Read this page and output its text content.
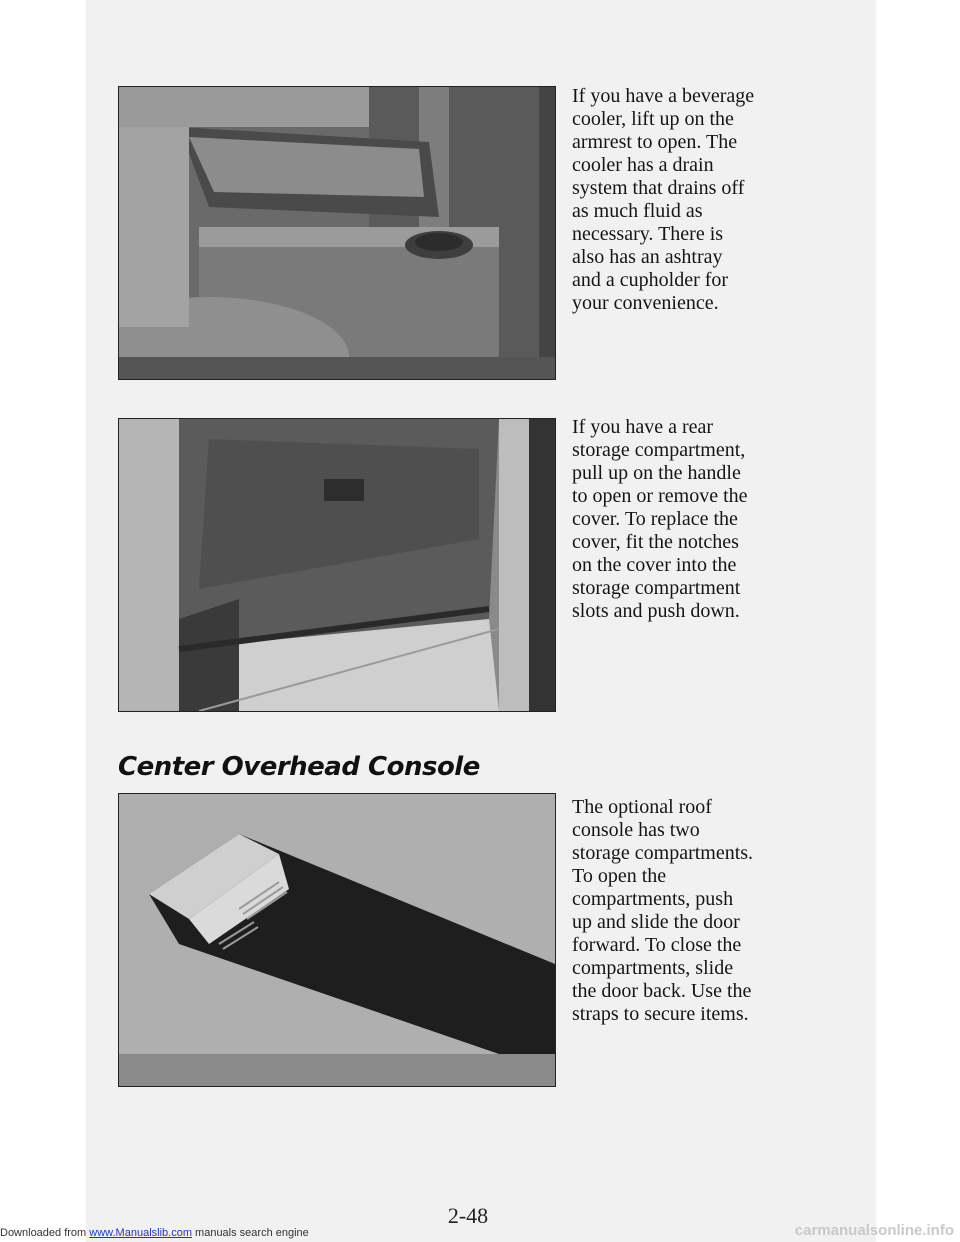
If you have a beverage
cooler, lift up on the
armrest to open. The
cooler has a drain
system that drains off
as much fluid as
necessary. There is
also has an ashtray
and a cupholder for
your convenience.

If you have a rear
storage compartment,
pull up on the handle
to open or remove the
cover. To replace the
cover, fit the notches
on the cover into the
storage compartment
slots and push down.

Center Overhead Console

The optional roof
console has two
storage compartments.
To open the
compartments, push
up and slide the door
forward. To close the
compartments, slide
the door back. Use the
straps to secure items.

2-48

Downloaded from www.Manualslib.com manuals search engine	carmanualsonline.info
